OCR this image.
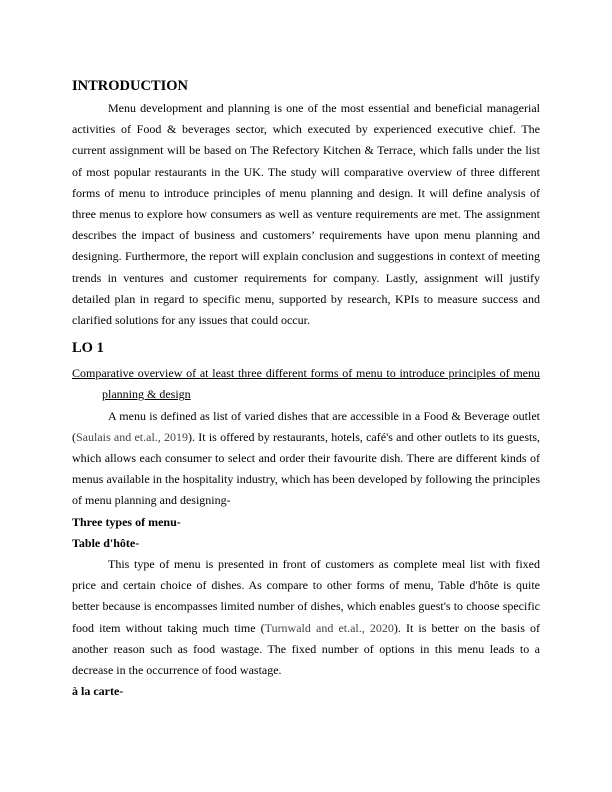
INTRODUCTION

Menu development and planning is one of the most essential and beneficial managerial activities of Food & beverages sector, which executed by experienced executive chief. The current assignment will be based on The Refectory Kitchen & Terrace, which falls under the list of most popular restaurants in the UK. The study will comparative overview of three different forms of menu to introduce principles of menu planning and design. It will define analysis of three menus to explore how consumers as well as venture requirements are met. The assignment describes the impact of business and customers’ requirements have upon menu planning and designing. Furthermore, the report will explain conclusion and suggestions in context of meeting trends in ventures and customer requirements for company. Lastly, assignment will justify detailed plan in regard to specific menu, supported by research, KPIs to measure success and clarified solutions for any issues that could occur.

LO 1

Comparative overview of at least three different forms of menu to introduce principles of menu planning & design

A menu is defined as list of varied dishes that are accessible in a Food & Beverage outlet (Saulais and et.al., 2019). It is offered by restaurants, hotels, café's and other outlets to its guests, which allows each consumer to select and order their favourite dish. There are different kinds of menus available in the hospitality industry, which has been developed by following the principles of menu planning and designing-

Three types of menu-

Table d'hôte-

This type of menu is presented in front of customers as complete meal list with fixed price and certain choice of dishes. As compare to other forms of menu, Table d'hôte is quite better because is encompasses limited number of dishes, which enables guest's to choose specific food item without taking much time (Turnwald and et.al., 2020). It is better on the basis of another reason such as food wastage. The fixed number of options in this menu leads to a decrease in the occurrence of food wastage.

à la carte-
